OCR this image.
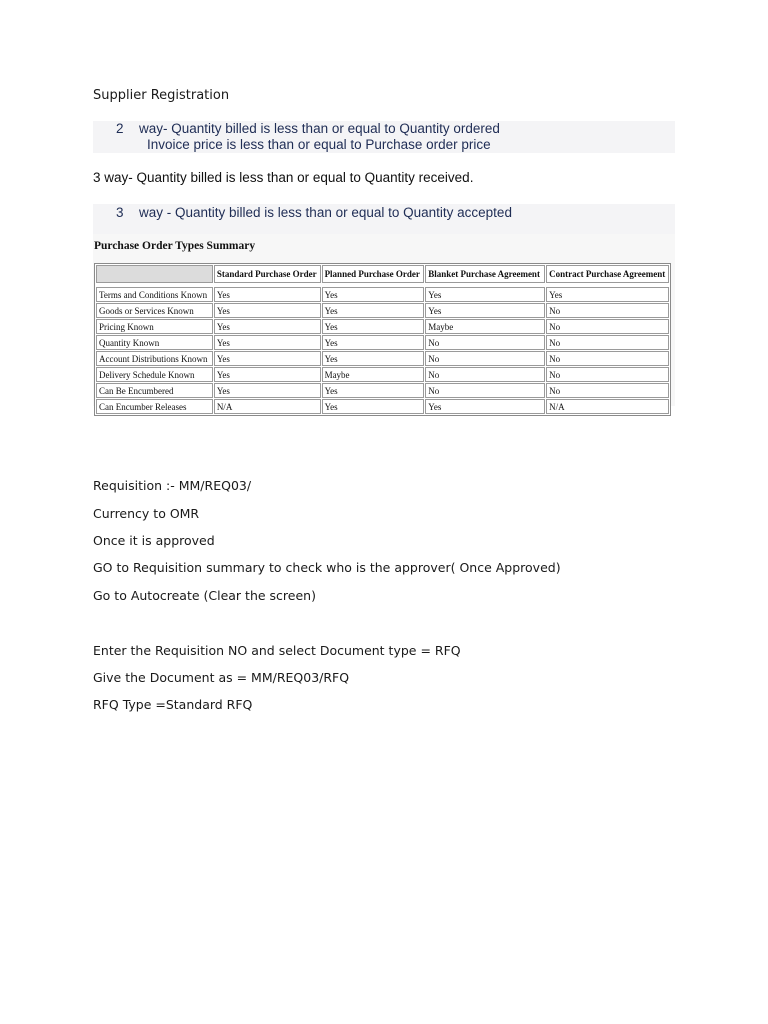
Supplier Registration
2 way- Quantity billed is less than or equal to Quantity ordered
Invoice price is less than or equal to Purchase order price
3 way- Quantity billed is less than or equal to Quantity received.
3 way - Quantity billed is less than or equal to Quantity accepted
Purchase Order Types Summary
	Standard Purchase Order	Planned Purchase Order	Blanket Purchase Agreement	Contract Purchase Agreement

Terms and Conditions Known	Yes	Yes	Yes	Yes
Goods or Services Known	Yes	Yes	Yes	No
Pricing Known	Yes	Yes	Maybe	No
Quantity Known	Yes	Yes	No	No
Account Distributions Known	Yes	Yes	No	No
Delivery Schedule Known	Yes	Maybe	No	No
Can Be Encumbered	Yes	Yes	No	No
Can Encumber Releases	N/A	Yes	Yes	N/A
Requisition :- MM/REQ03/
Currency to OMR
Once it is approved
GO to Requisition summary to check who is the approver( Once Approved)
Go to Autocreate (Clear the screen)
Enter the Requisition NO and select Document type = RFQ
Give the Document as = MM/REQ03/RFQ
RFQ Type =Standard RFQ
